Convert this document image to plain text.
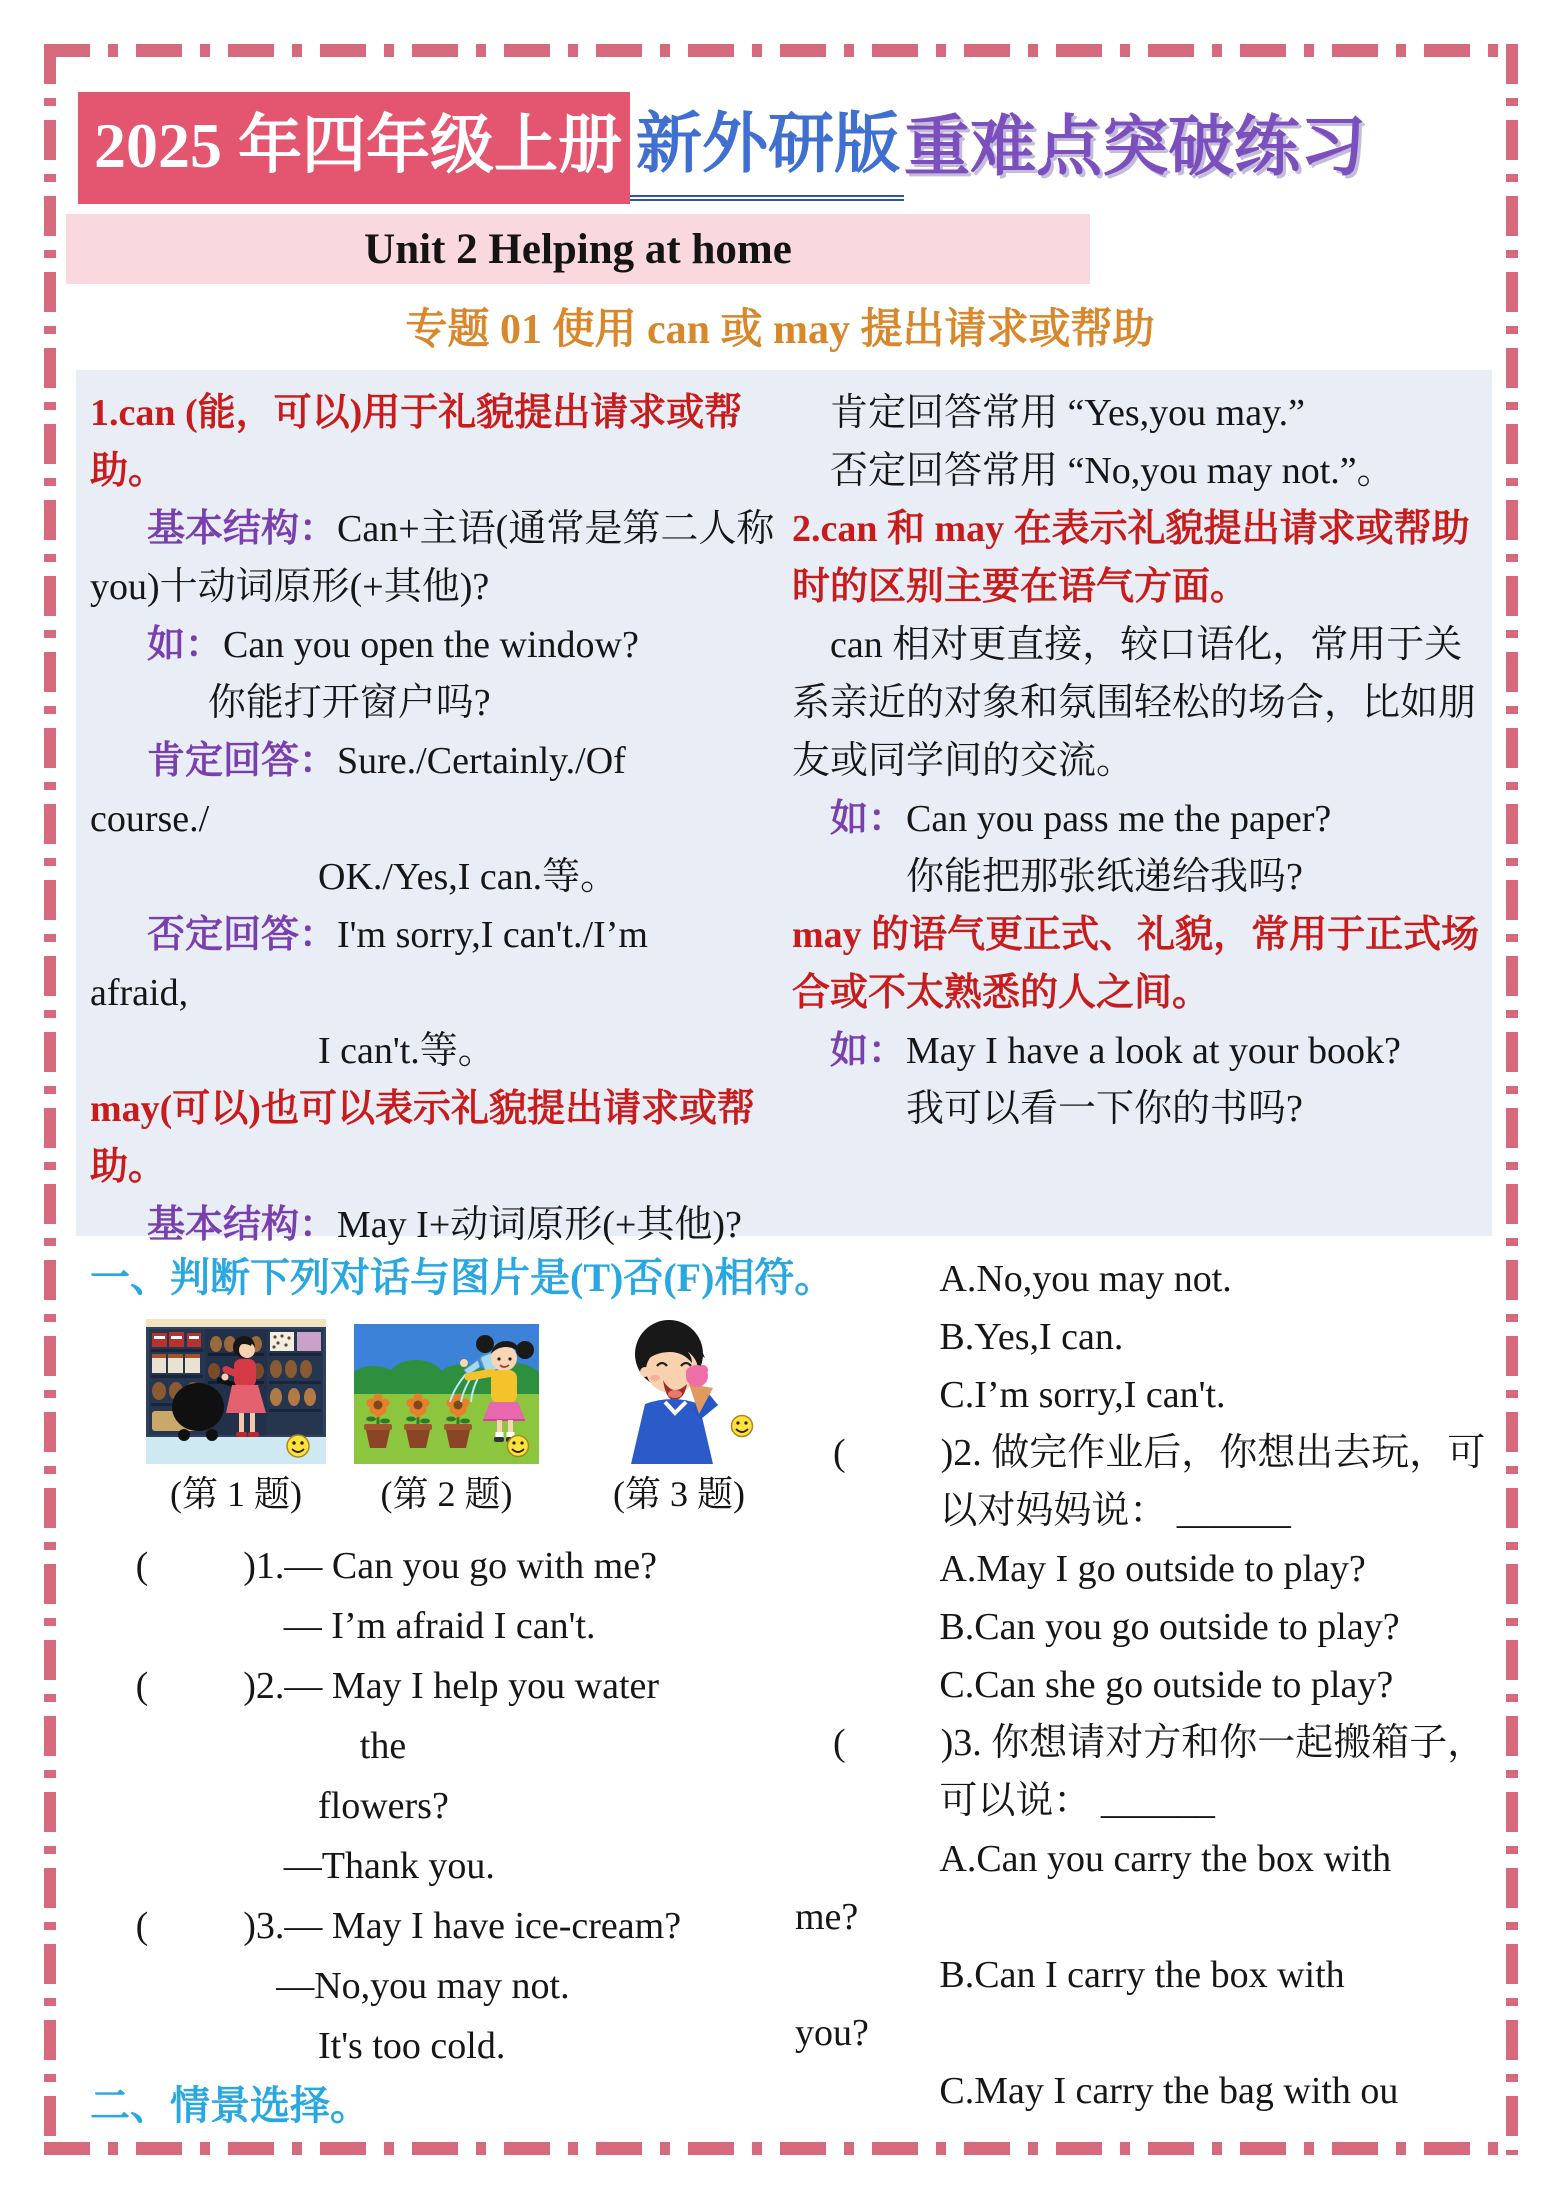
2025 年四年级上册 新外研版 重难点突破练习
Unit 2 Helping at home
专题 01 使用 can 或 may 提出请求或帮助
1.can (能，可以)用于礼貌提出请求或帮
助。
基本结构：Can+主语(通常是第二人称
you)十动词原形(+其他)?
如：Can you open the window?
你能打开窗户吗?
肯定回答：Sure./Certainly./Of
course./
OK./Yes,I can.等。
否定回答：I'm sorry,I can't./I’m
afraid,
I can't.等。
may(可以)也可以表示礼貌提出请求或帮
助。
基本结构：May I+动词原形(+其他)?
肯定回答常用 “Yes,you may.”
否定回答常用 “No,you may not.”。
2.can 和 may 在表示礼貌提出请求或帮助
时的区别主要在语气方面。
can 相对更直接，较口语化，常用于关
系亲近的对象和氛围轻松的场合，比如朋
友或同学间的交流。
如：Can you pass me the paper?
你能把那张纸递给我吗?
may 的语气更正式、礼貌，常用于正式场
合或不太熟悉的人之间。
如：May I have a look at your book?
我可以看一下你的书吗?
一、判断下列对话与图片是(T)否(F)相符。
(第 1 题)	(第 2 题)	(第 3 题)
(　　 )1.— Can you go with me?
— I’m afraid I can't.
(　　 )2.— May I help you water
the
flowers?
—Thank you.
(　　 )3.— May I have ice-cream?
—No,you may not.
It's too cold.
二、情景选择。
A.No,you may not.
B.Yes,I can.
C.I’m sorry,I can't.
(　　 )2. 做完作业后，你想出去玩，可
以对妈妈说： ______
A.May I go outside to play?
B.Can you go outside to play?
C.Can she go outside to play?
(　　 )3. 你想请对方和你一起搬箱子，
可以说： ______
A.Can you carry the box with
me?
B.Can I carry the box with
you?
C.May I carry the bag with ou
